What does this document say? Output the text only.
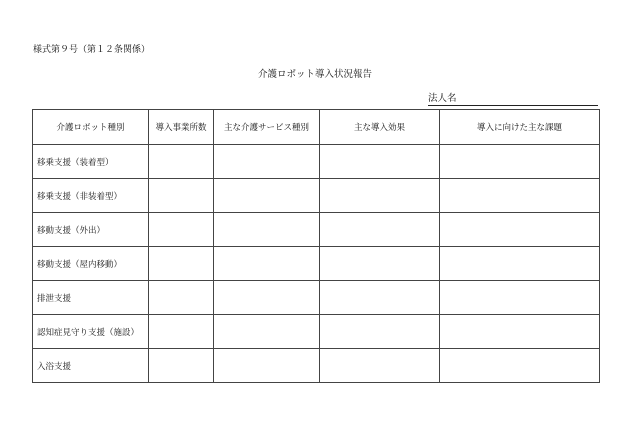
様式第９号（第１２条関係）
介護ロボット導入状況報告
法人名
介護ロボット種別	導入事業所数	主な介護サービス種別	主な導入効果	導入に向けた主な課題
移乗支援（装着型）				
移乗支援（非装着型）				
移動支援（外出）				
移動支援（屋内移動）				
排泄支援				
認知症見守り支援（施設）				
入浴支援				
